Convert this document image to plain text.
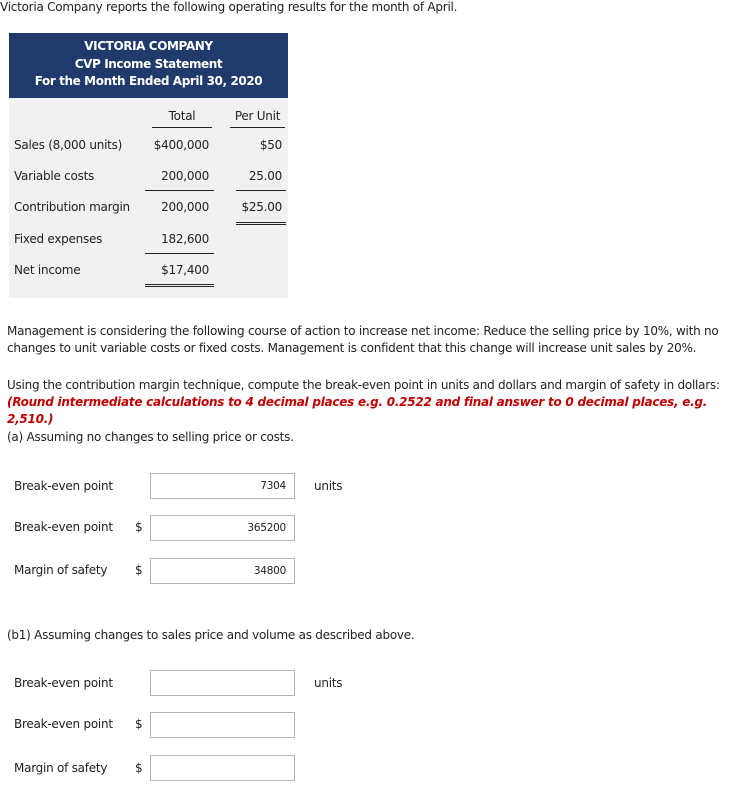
Victoria Company reports the following operating results for the month of April.
VICTORIA COMPANY
CVP Income Statement
For the Month Ended April 30, 2020
Total	Per Unit
Sales (8,000 units)	$400,000	$50
Variable costs	200,000	25.00
Contribution margin	200,000	$25.00
Fixed expenses	182,600
Net income	$17,400
Management is considering the following course of action to increase net income: Reduce the selling price by 10%, with no changes to unit variable costs or fixed costs. Management is confident that this change will increase unit sales by 20%.
Using the contribution margin technique, compute the break-even point in units and dollars and margin of safety in dollars: (Round intermediate calculations to 4 decimal places e.g. 0.2522 and final answer to 0 decimal places, e.g. 2,510.)
(a) Assuming no changes to selling price or costs.
Break-even point	7304	units
Break-even point $	365200
Margin of safety $	34800
(b1) Assuming changes to sales price and volume as described above.
Break-even point	units
Break-even point $
Margin of safety $
